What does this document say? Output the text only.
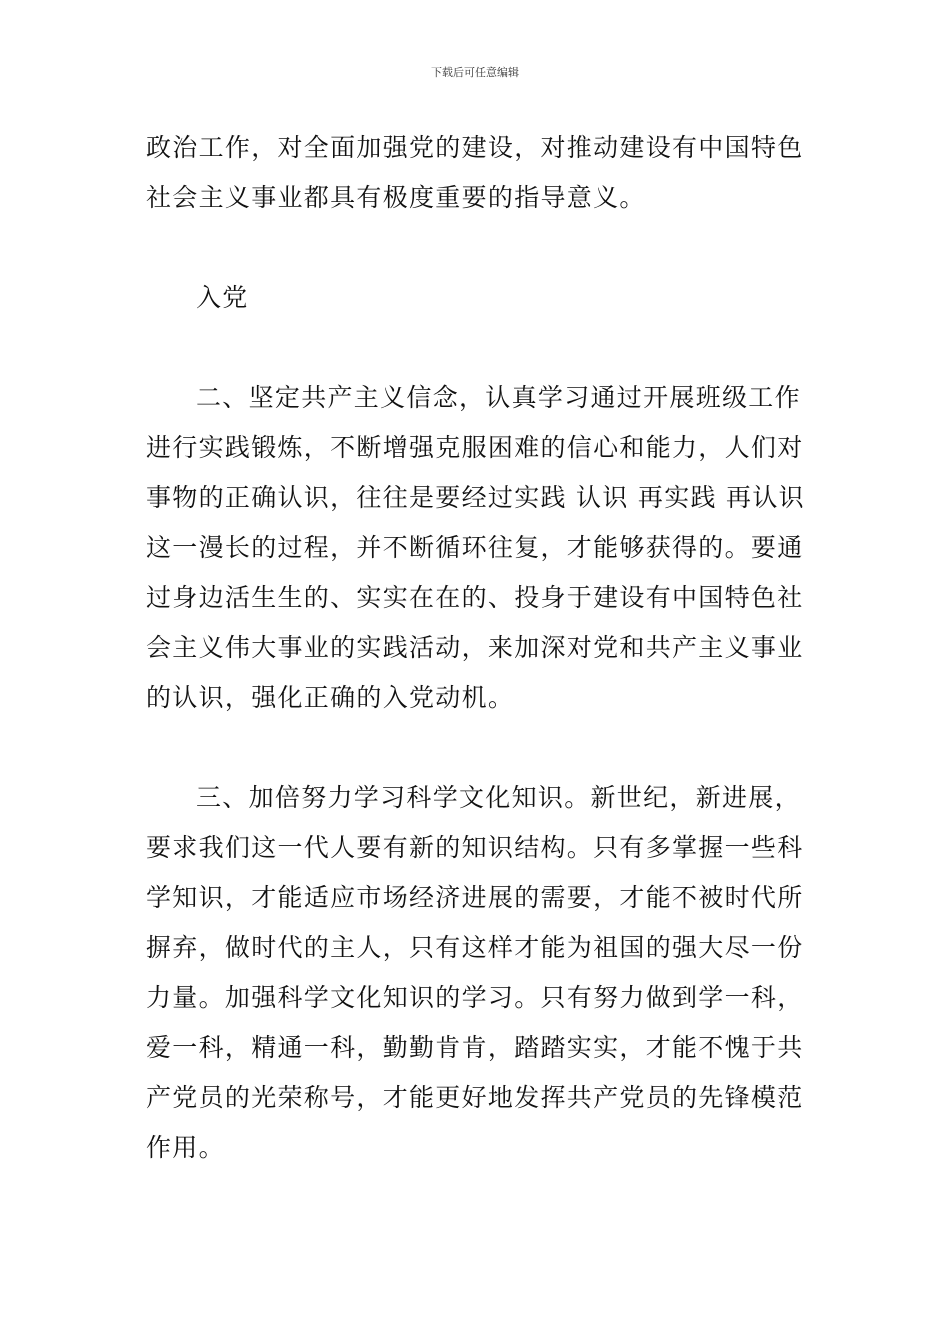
下载后可任意编辑
政治工作，对全面加强党的建设，对推动建设有中国特色
社会主义事业都具有极度重要的指导意义。
入党
二、坚定共产主义信念，认真学习通过开展班级工作
进行实践锻炼，不断增强克服困难的信心和能力，人们对
事物的正确认识，往往是要经过实践 认识 再实践 再认识
这一漫长的过程，并不断循环往复，才能够获得的。要通
过身边活生生的、实实在在的、投身于建设有中国特色社
会主义伟大事业的实践活动，来加深对党和共产主义事业
的认识，强化正确的入党动机。
三、加倍努力学习科学文化知识。新世纪，新进展，
要求我们这一代人要有新的知识结构。只有多掌握一些科
学知识，才能适应市场经济进展的需要，才能不被时代所
摒弃，做时代的主人，只有这样才能为祖国的强大尽一份
力量。加强科学文化知识的学习。只有努力做到学一科，
爱一科，精通一科，勤勤肯肯，踏踏实实，才能不愧于共
产党员的光荣称号，才能更好地发挥共产党员的先锋模范
作用。
